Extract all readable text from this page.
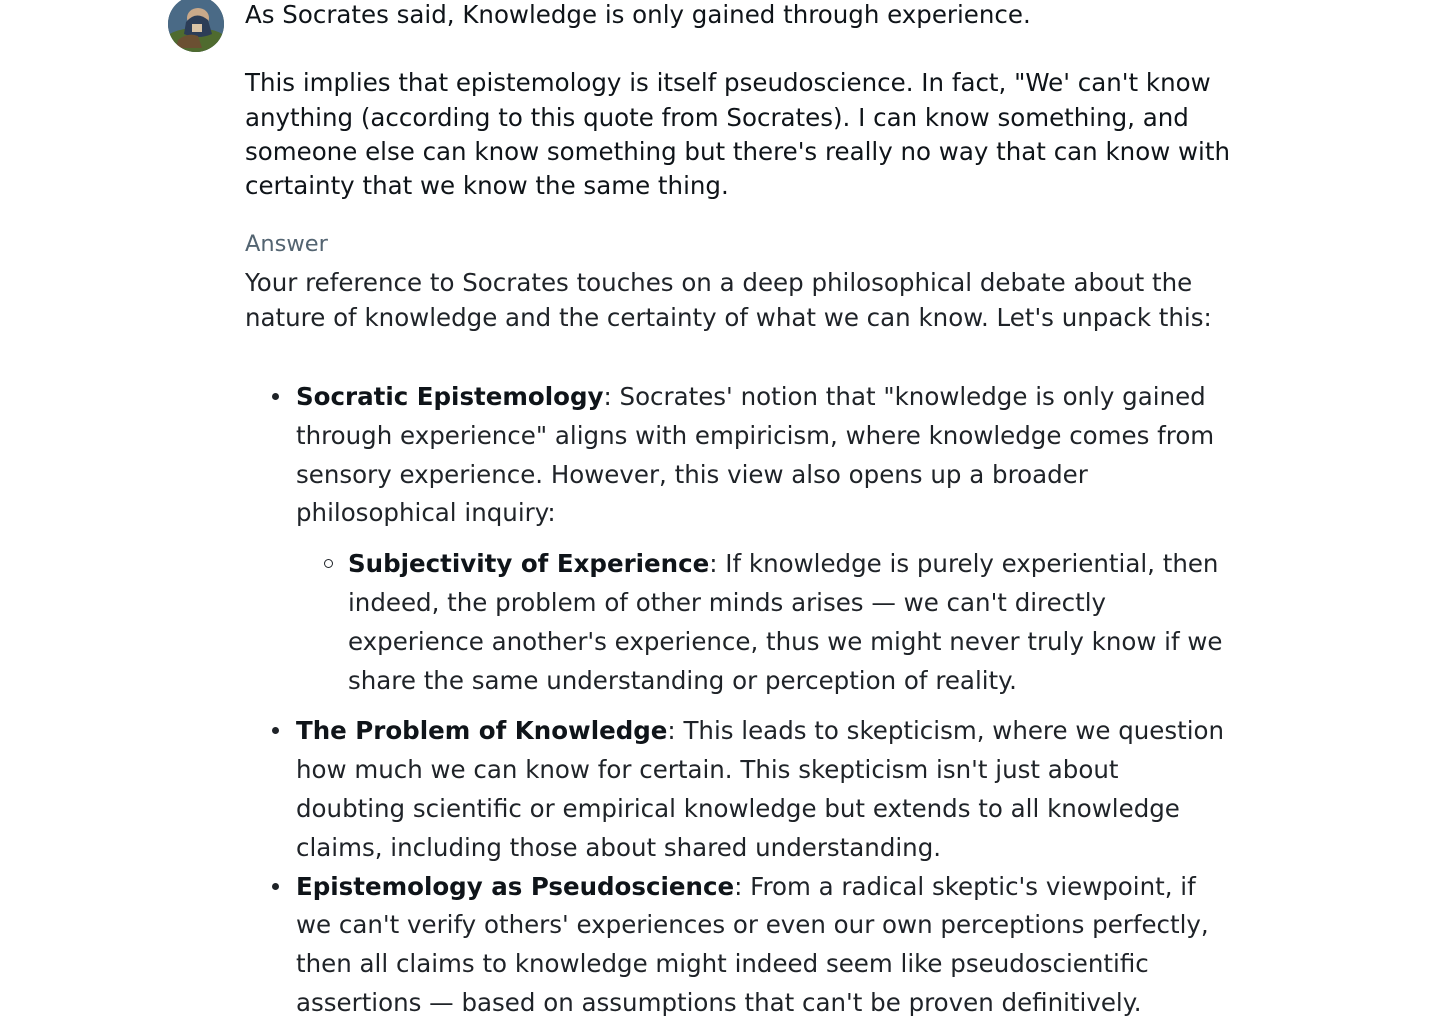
As Socrates said, Knowledge is only gained through experience.

This implies that epistemology is itself pseudoscience. In fact, "We' can't know anything (according to this quote from Socrates). I can know something, and someone else can know something but there's really no way that can know with certainty that we know the same thing.

Answer

Your reference to Socrates touches on a deep philosophical debate about the nature of knowledge and the certainty of what we can know. Let's unpack this:

Socratic Epistemology: Socrates' notion that "knowledge is only gained through experience" aligns with empiricism, where knowledge comes from sensory experience. However, this view also opens up a broader philosophical inquiry:
Subjectivity of Experience: If knowledge is purely experiential, then indeed, the problem of other minds arises — we can't directly experience another's experience, thus we might never truly know if we share the same understanding or perception of reality.
The Problem of Knowledge: This leads to skepticism, where we question how much we can know for certain. This skepticism isn't just about doubting scientific or empirical knowledge but extends to all knowledge claims, including those about shared understanding.
Epistemology as Pseudoscience: From a radical skeptic's viewpoint, if we can't verify others' experiences or even our own perceptions perfectly, then all claims to knowledge might indeed seem like pseudoscientific assertions — based on assumptions that can't be proven definitively.
